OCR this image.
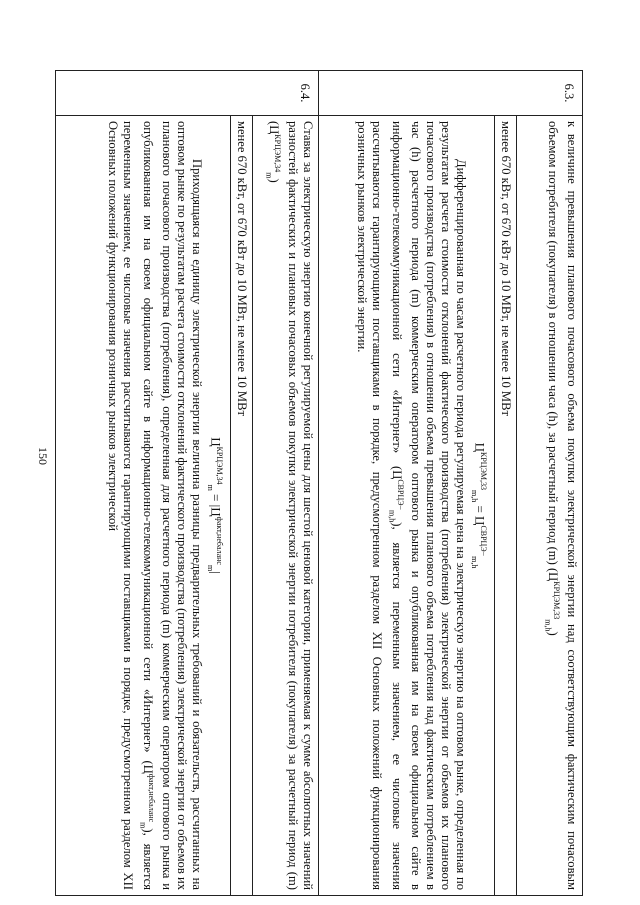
150
6.3.	к величине превышения планового почасового объема покупки электрической энергии над соответствующим фактическим почасовым объемом потребителя (покупателя) в отношении часа (h), за расчетный период (m) $(Ц^{КРЦЭМ,33}_{m,h})$

	менее 670 кВт, от 670 кВт до 10 МВт, не менее 10 МВт
$Ц^{КРЦЭМ,33}_{m,h} = Ц^{СВРЦЭ-}_{m,h}$

Дифференцированная по часам расчетного периода регулируемая цена на электрическую энергию на оптовом рынке, определенная по результатам расчета стоимости отклонений фактического производства (потребления) электрической энергии от объемов их планового почасового производства (потребления) в отношении объема превышения планового объема потребления над фактическим потреблением в час (h) расчетного периода (m) коммерческим оператором оптового рынка и опубликованная им на своем официальном сайте в информационно-телекоммуникационной сети «Интернет» $(Ц^{СВРЦЭ-}_{m,h})$, является переменным значением, ее числовые значения рассчитываются гарантирующими поставщиками в порядке, предусмотренном разделом XII Основных положений функционирования розничных рынков электрической энергии.

6.4.	Ставка за электрическую энергию конечной регулируемой цены для шестой ценовой категории, применяемая к сумме абсолютных значений разностей фактических и плановых почасовых объемов покупки электрической энергии потребителя (покупателя) за расчетный период (m) $(Ц^{КРЦЭМ,34}_m)$

	менее 670 кВт, от 670 кВт до 10 МВт, не менее 10 МВт
$Ц^{КРЦЭМ,34}_m = |Ц^{факт,небаланс}_m|$

Приходящаяся на единицу электрической энергии величина разницы предварительных требований и обязательств, рассчитанных на оптовом рынке по результатам расчета стоимости отклонений фактического производства (потребления) электрической энергии от объемов их планового почасового производства (потребления), определенная для расчетного периода (m) коммерческим оператором оптового рынка и опубликованная им на своем официальном сайте в информационно-телекоммуникационной сети «Интернет» $(Ц^{факт,небаланс}_m)$, является переменным значением, ее числовые значения рассчитываются гарантирующими поставщиками в порядке, предусмотренном разделом XII Основных положений функционирования розничных рынков электрической
